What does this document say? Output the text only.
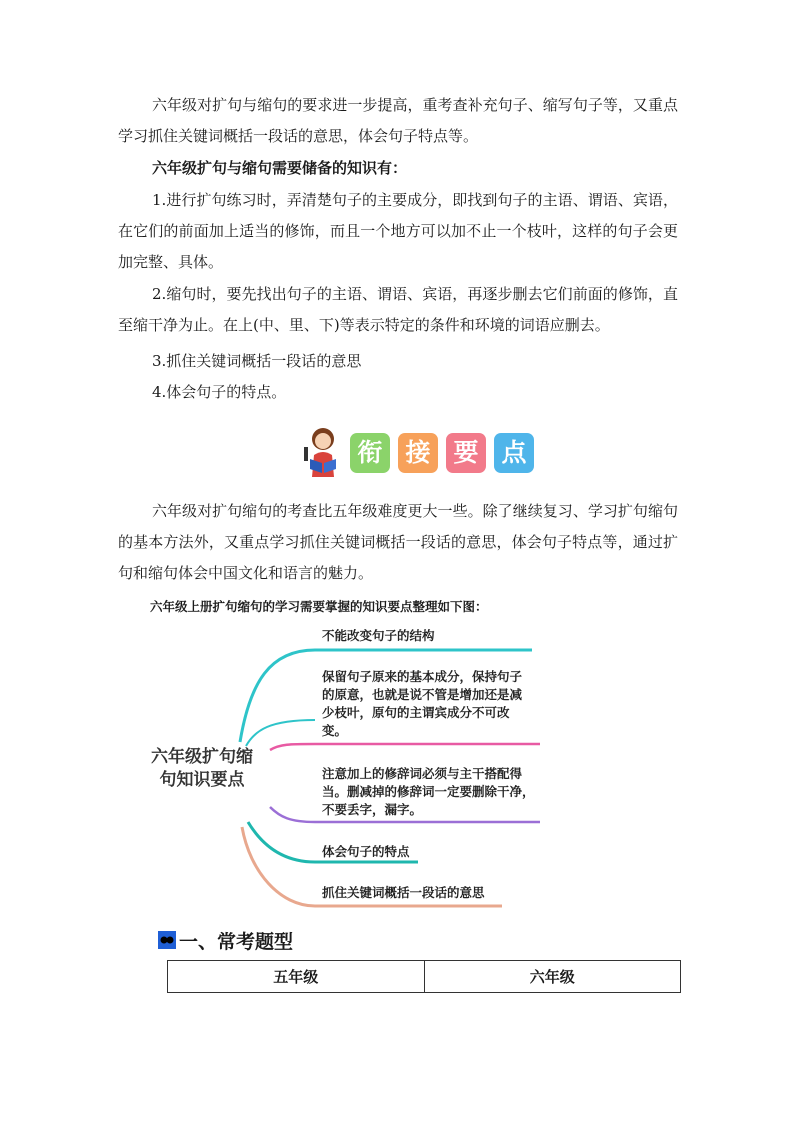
六年级对扩句与缩句的要求进一步提高，重考查补充句子、缩写句子等，又重点学习抓住关键词概括一段话的意思，体会句子特点等。

六年级扩句与缩句需要储备的知识有：

1.进行扩句练习时，弄清楚句子的主要成分，即找到句子的主语、谓语、宾语，在它们的前面加上适当的修饰，而且一个地方可以加不止一个枝叶，这样的句子会更加完整、具体。

2.缩句时，要先找出句子的主语、谓语、宾语，再逐步删去它们前面的修饰，直至缩干净为止。在上(中、里、下)等表示特定的条件和环境的词语应删去。

3.抓住关键词概括一段话的意思

4.体会句子的特点。

衔 接 要 点

六年级对扩句缩句的考查比五年级难度更大一些。除了继续复习、学习扩句缩句的基本方法外，又重点学习抓住关键词概括一段话的意思，体会句子特点等，通过扩句和缩句体会中国文化和语言的魅力。

六年级上册扩句缩句的学习需要掌握的知识要点整理如下图：
六年级扩句缩句知识要点
不能改变句子的结构
保留句子原来的基本成分，保持句子的原意，也就是说不管是增加还是减少枝叶，原句的主谓宾成分不可改变。
注意加上的修辞词必须与主干搭配得当。删减掉的修辞词一定要删除干净，不要丢字，漏字。
体会句子的特点
抓住关键词概括一段话的意思
一、常考题型
五年级	六年级
